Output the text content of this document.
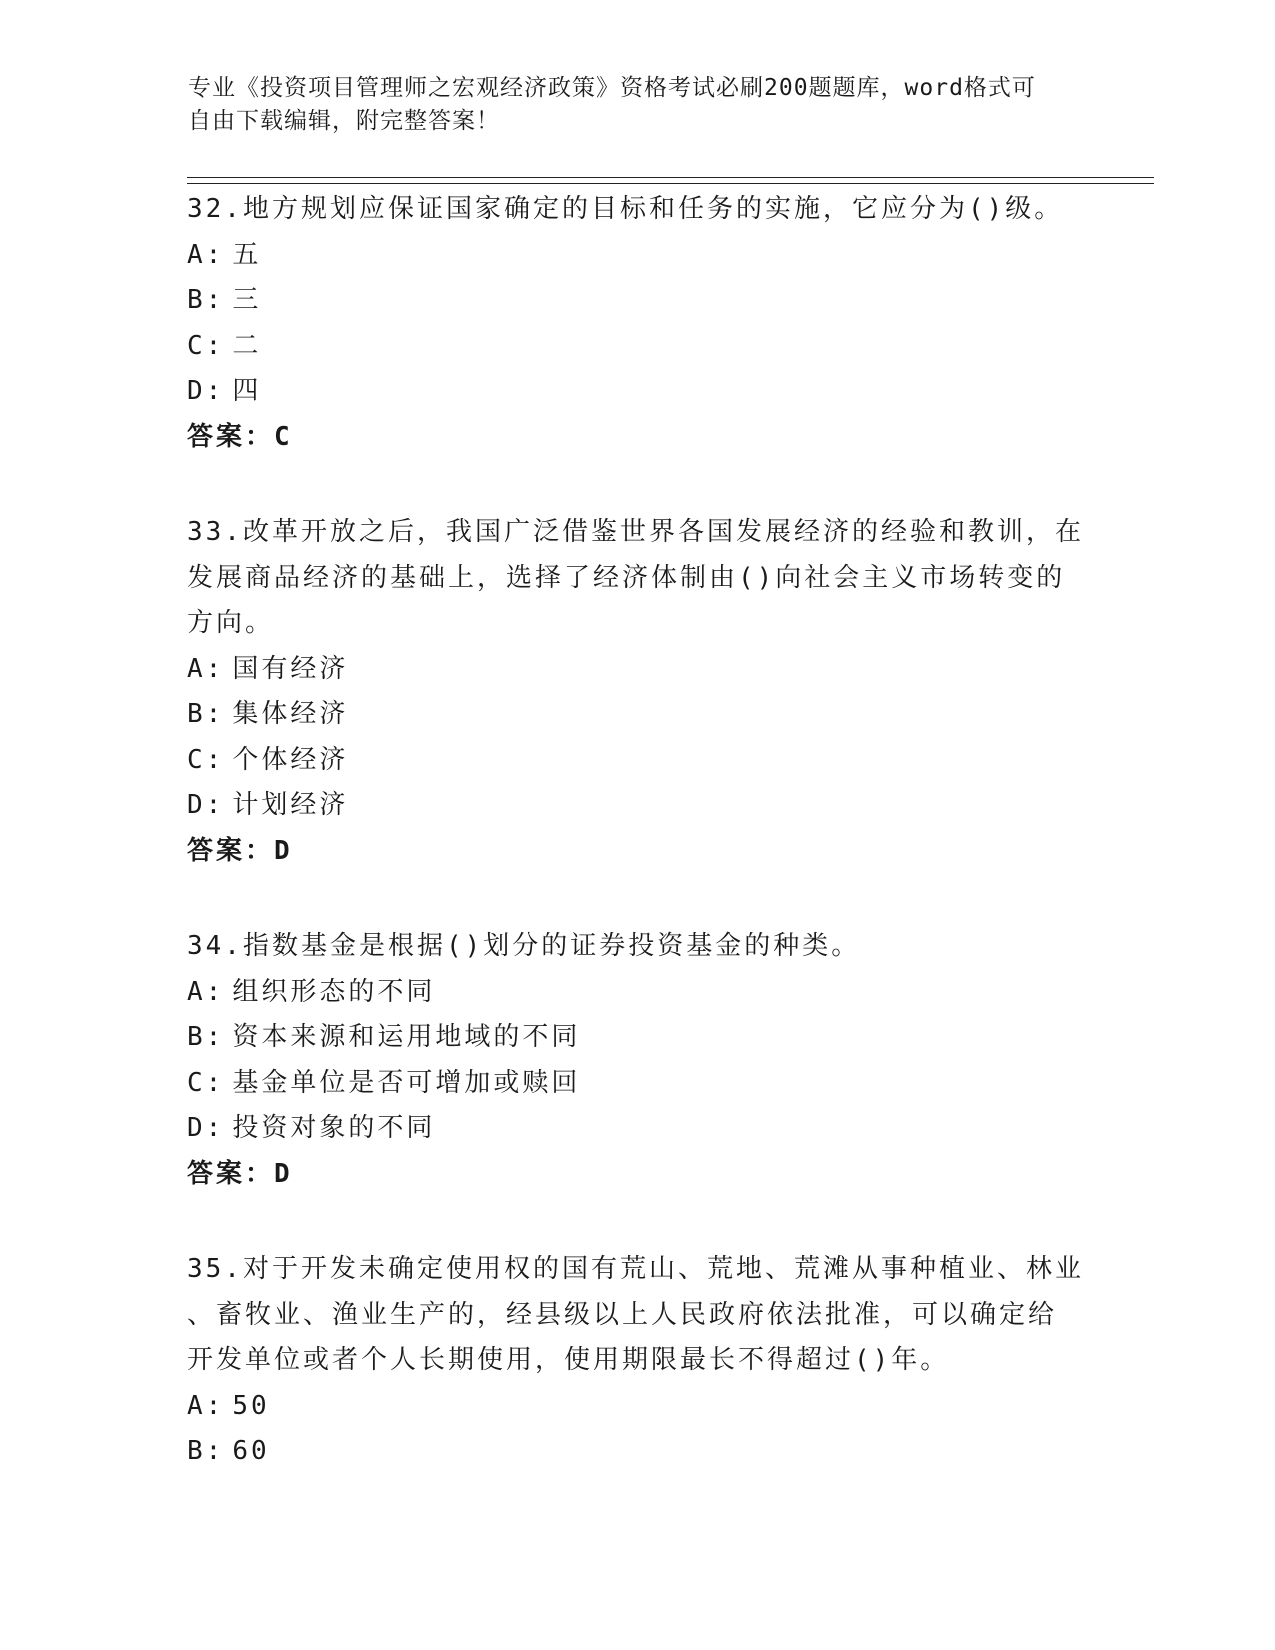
专业《投资项目管理师之宏观经济政策》资格考试必刷200题题库，word格式可
自由下载编辑，附完整答案！
32.地方规划应保证国家确定的目标和任务的实施，它应分为()级。
A: 五
B: 三
C: 二
D: 四
答案：C
33.改革开放之后，我国广泛借鉴世界各国发展经济的经验和教训，在
发展商品经济的基础上，选择了经济体制由()向社会主义市场转变的
方向。
A: 国有经济
B: 集体经济
C: 个体经济
D: 计划经济
答案：D
34.指数基金是根据()划分的证券投资基金的种类。
A: 组织形态的不同
B: 资本来源和运用地域的不同
C: 基金单位是否可增加或赎回
D: 投资对象的不同
答案：D
35.对于开发未确定使用权的国有荒山、荒地、荒滩从事种植业、林业
、畜牧业、渔业生产的，经县级以上人民政府依法批准，可以确定给
开发单位或者个人长期使用，使用期限最长不得超过()年。
A: 50
B: 60
